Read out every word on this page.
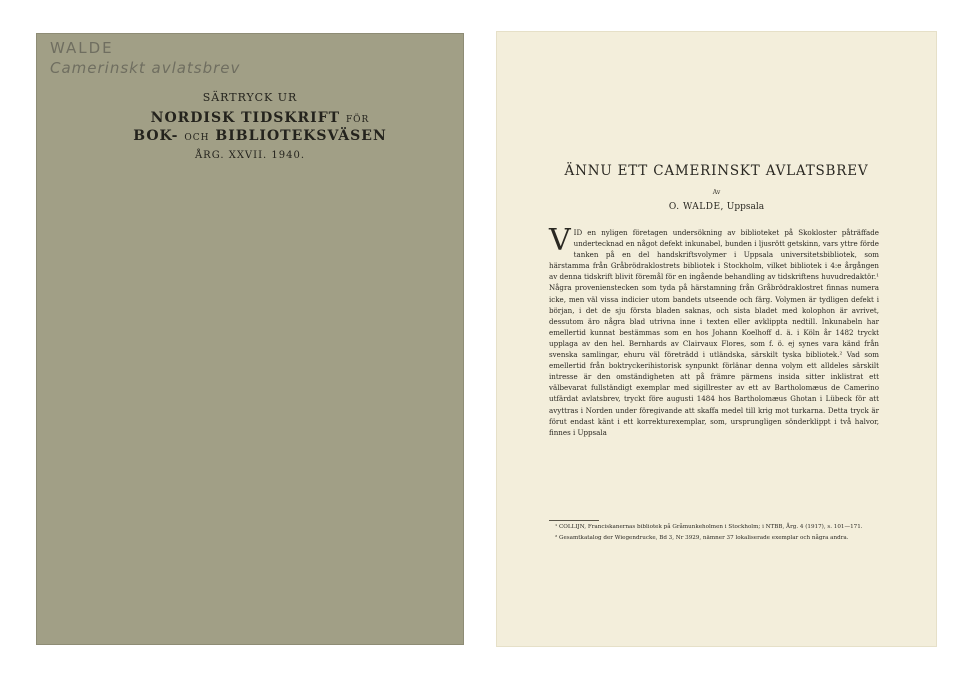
WALDE
Camerinskt avlatsbrev
SÄRTRYCK UR
NORDISK TIDSKRIFT FÖR
BOK- OCH BIBLIOTEKSVÄSEN
ÅRG. XXVII. 1940.
ÄNNU ETT CAMERINSKT AVLATSBREV
Av
O. WALDE, Uppsala
VID en nyligen företagen undersökning av biblioteket på Skokloster påträffade undertecknad en något defekt inkunabel, bunden i ljusrött getskinn, vars yttre förde tanken på en del handskriftsvolymer i Uppsala universitetsbibliotek, som härstamma från Gråbrödraklostrets bibliotek i Stockholm, vilket bibliotek i 4:e årgången av denna tidskrift blivit föremål för en ingående behandling av tidskriftens huvudredaktör.¹ Några provenienstecken som tyda på härstamning från Gråbrödraklostret finnas numera icke, men väl vissa indicier utom bandets utseende och färg. Volymen är tydligen defekt i början, i det de sju första bladen saknas, och sista bladet med kolophon är avrivet, dessutom äro några blad utrivna inne i texten eller avklippta nedtill. Inkunabeln har emellertid kunnat bestämmas som en hos Johann Koelhoff d. ä. i Köln år 1482 tryckt upplaga av den hel. Bernhards av Clairvaux Flores, som f. ö. ej synes vara känd från svenska samlingar, ehuru väl företrädd i utländska, särskilt tyska bibliotek.² Vad som emellertid från boktryckerihistorisk synpunkt förlänar denna volym ett alldeles särskilt intresse är den omständigheten att på främre pärmens insida sitter inklistrat ett välbevarat fullständigt exemplar med sigillrester av ett av Bartholomæus de Camerino utfärdat avlatsbrev, tryckt före augusti 1484 hos Bartholomæus Ghotan i Lübeck för att avyttras i Norden under föregivande att skaffa medel till krig mot turkarna. Detta tryck är förut endast känt i ett korrekturexemplar, som, ursprungligen sönderklippt i två halvor, finnes i Uppsala

¹ COLLIJN, Franciskanernas bibliotek på Gråmunkeholmen i Stockholm; i NTBB, Årg. 4 (1917), s. 101—171.

² Gesamtkatalog der Wiegendrucke, Bd 3, Nr 3929, nämner 37 lokaliserade exemplar och några andra.
